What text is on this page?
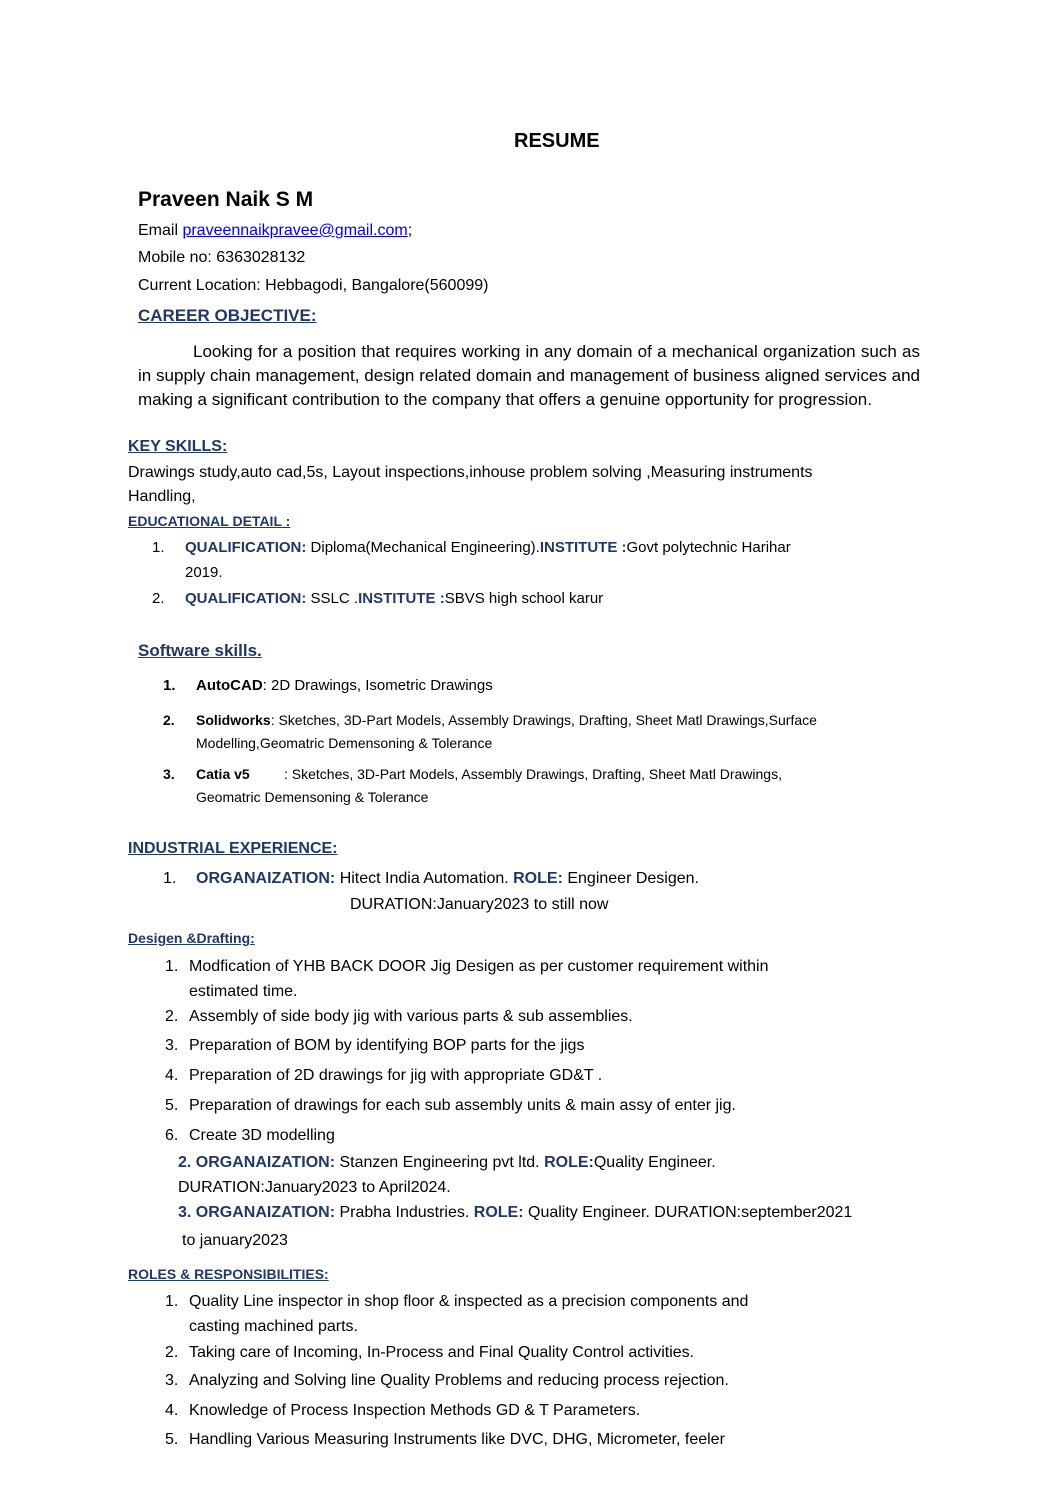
RESUME
Praveen Naik S M
Email praveennaikpravee@gmail.com;
Mobile no: 6363028132
Current Location: Hebbagodi, Bangalore(560099)
CAREER OBJECTIVE:
Looking for a position that requires working in any domain of a mechanical organization such as in supply chain management, design related domain and management of business aligned services and making a significant contribution to the company that offers a genuine opportunity for progression.
KEY SKILLS:
Drawings study,auto cad,5s, Layout inspections,inhouse problem solving ,Measuring instruments
Handling,
EDUCATIONAL DETAIL :
1. QUALIFICATION: Diploma(Mechanical Engineering).INSTITUTE :Govt polytechnic Harihar
2019.
2. QUALIFICATION: SSLC .INSTITUTE :SBVS high school karur
Software skills.
1. AutoCAD: 2D Drawings, Isometric Drawings
2. Solidworks: Sketches, 3D-Part Models, Assembly Drawings, Drafting, Sheet Matl Drawings,Surface
Modelling,Geomatric Demensoning & Tolerance
3. Catia v5 : Sketches, 3D-Part Models, Assembly Drawings, Drafting, Sheet Matl Drawings,
Geomatric Demensoning & Tolerance
INDUSTRIAL EXPERIENCE:
1. ORGANAIZATION: Hitect India Automation. ROLE: Engineer Desigen.
DURATION:January2023 to still now
Desigen &Drafting:
1. Modfication of YHB BACK DOOR Jig Desigen as per customer requirement within
estimated time.
2. Assembly of side body jig with various parts & sub assemblies.
3. Preparation of BOM by identifying BOP parts for the jigs
4. Preparation of 2D drawings for jig with appropriate GD&T .
5. Preparation of drawings for each sub assembly units & main assy of enter jig.
6. Create 3D modelling
2. ORGANAIZATION: Stanzen Engineering pvt ltd. ROLE:Quality Engineer.
DURATION:January2023 to April2024.
3. ORGANAIZATION: Prabha Industries. ROLE: Quality Engineer. DURATION:september2021
to january2023
ROLES & RESPONSIBILITIES:
1. Quality Line inspector in shop floor & inspected as a precision components and
casting machined parts.
2. Taking care of Incoming, In-Process and Final Quality Control activities.
3. Analyzing and Solving line Quality Problems and reducing process rejection.
4. Knowledge of Process Inspection Methods GD & T Parameters.
5. Handling Various Measuring Instruments like DVC, DHG, Micrometer, feeler
